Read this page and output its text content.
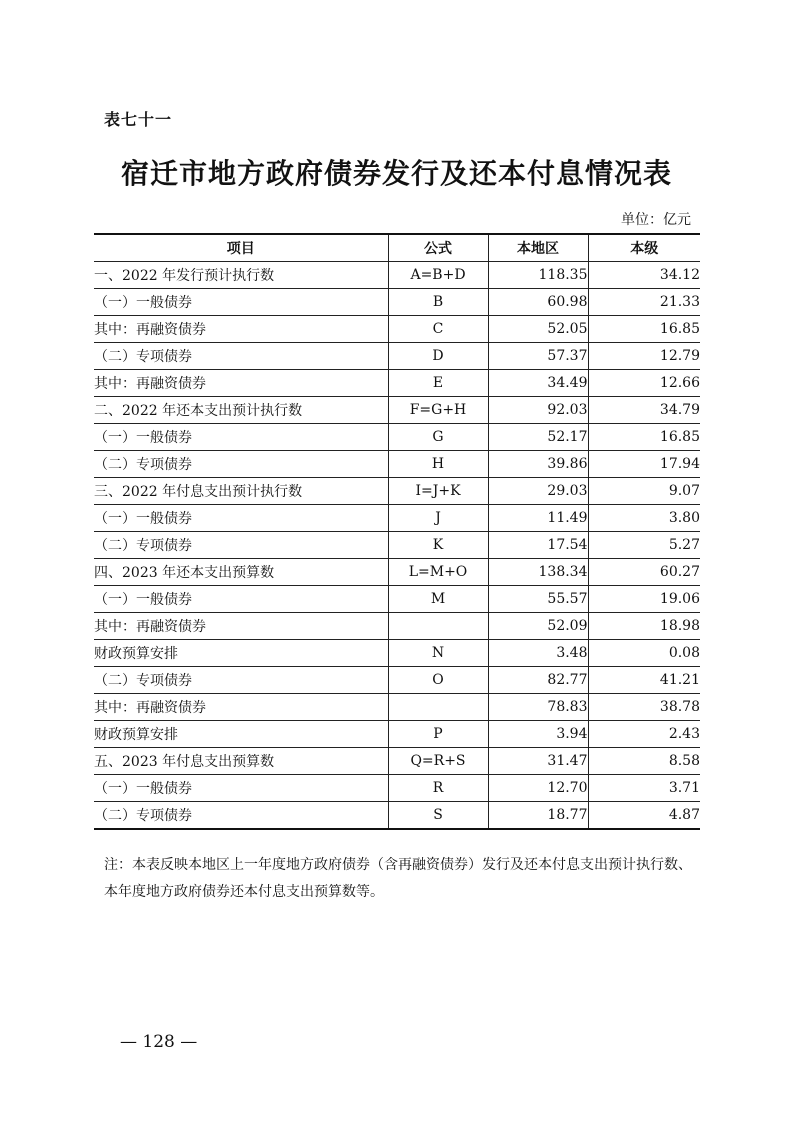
表七十一
宿迁市地方政府债券发行及还本付息情况表
单位：亿元
项目	公式	本地区	本级
一、2022 年发行预计执行数	A=B+D	118.35	34.12
（一）一般债券	B	60.98	21.33
其中：再融资债券	C	52.05	16.85
（二）专项债券	D	57.37	12.79
其中：再融资债券	E	34.49	12.66
二、2022 年还本支出预计执行数	F=G+H	92.03	34.79
（一）一般债券	G	52.17	16.85
（二）专项债券	H	39.86	17.94
三、2022 年付息支出预计执行数	I=J+K	29.03	9.07
（一）一般债券	J	11.49	3.80
（二）专项债券	K	17.54	5.27
四、2023 年还本支出预算数	L=M+O	138.34	60.27
（一）一般债券	M	55.57	19.06
其中：再融资债券		52.09	18.98
财政预算安排	N	3.48	0.08
（二）专项债券	O	82.77	41.21
其中：再融资债券		78.83	38.78
财政预算安排	P	3.94	2.43
五、2023 年付息支出预算数	Q=R+S	31.47	8.58
（一）一般债券	R	12.70	3.71
（二）专项债券	S	18.77	4.87
注：本表反映本地区上一年度地方政府债券（含再融资债券）发行及还本付息支出预计执行数、本年度地方政府债券还本付息支出预算数等。
— 128 —
